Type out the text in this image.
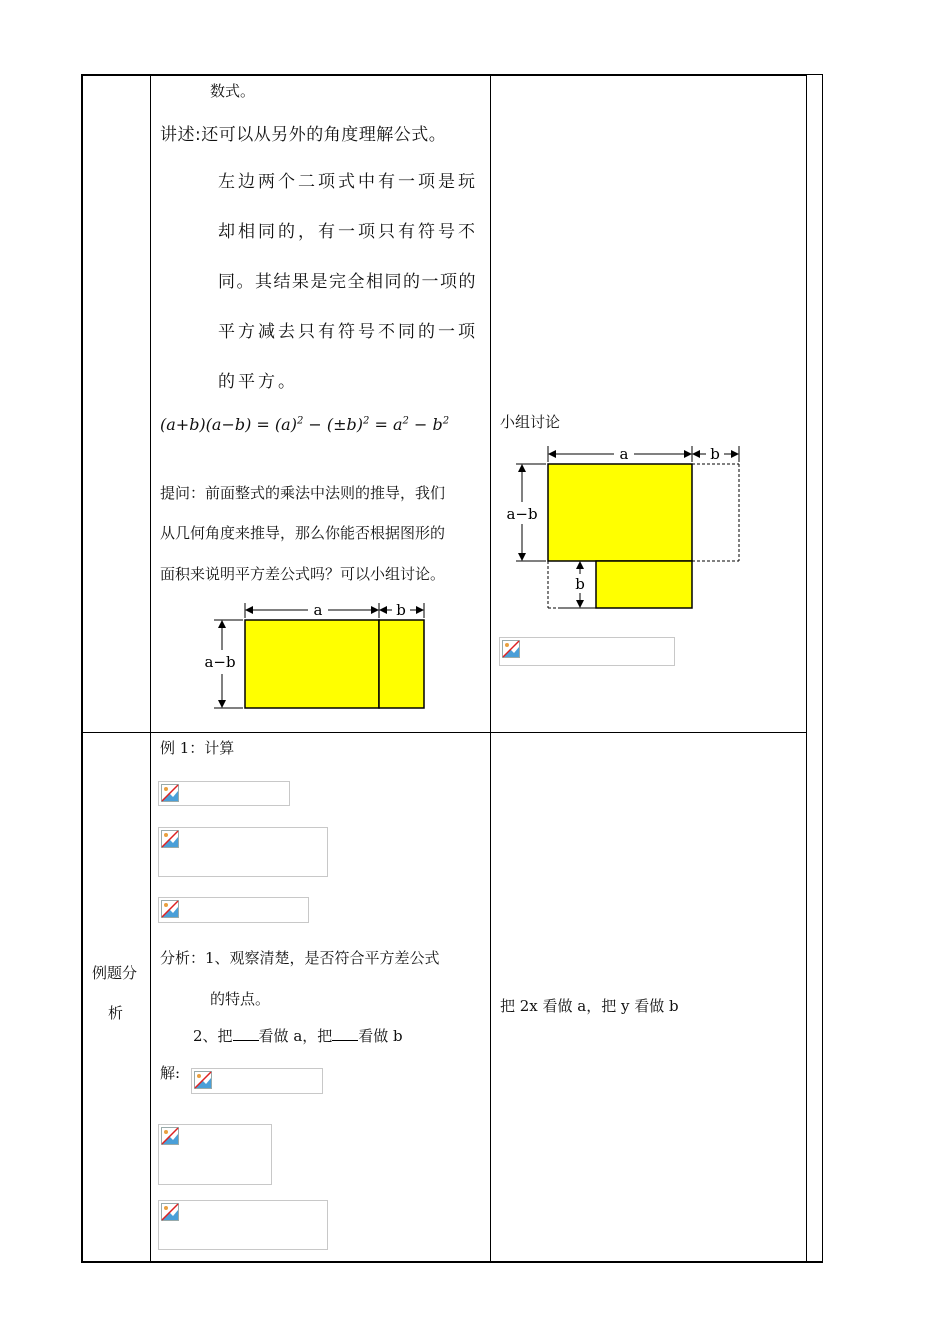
数式。
讲述:还可以从另外的角度理解公式。
左边两个二项式中有一项是玩
却相同的，有一项只有符号不
同。其结果是完全相同的一项的
平方减去只有符号不同的一项
的平方。
$(a+b)(a-b) = (a)^2 - (\pm b)^2 = a^2 - b^2$
提问：前面整式的乘法中法则的推导，我们
从几何角度来推导，那么你能否根据图形的
面积来说明平方差公式吗？可以小组讨论。
a	b
a−b
小组讨论
a	b
a−b
b
例题分
析
例 1：计算
分析：1、观察清楚，是否符合平方差公式
的特点。
2、把 看做 a，把 看做 b
解:
把 2x 看做 a，把 y 看做 b
